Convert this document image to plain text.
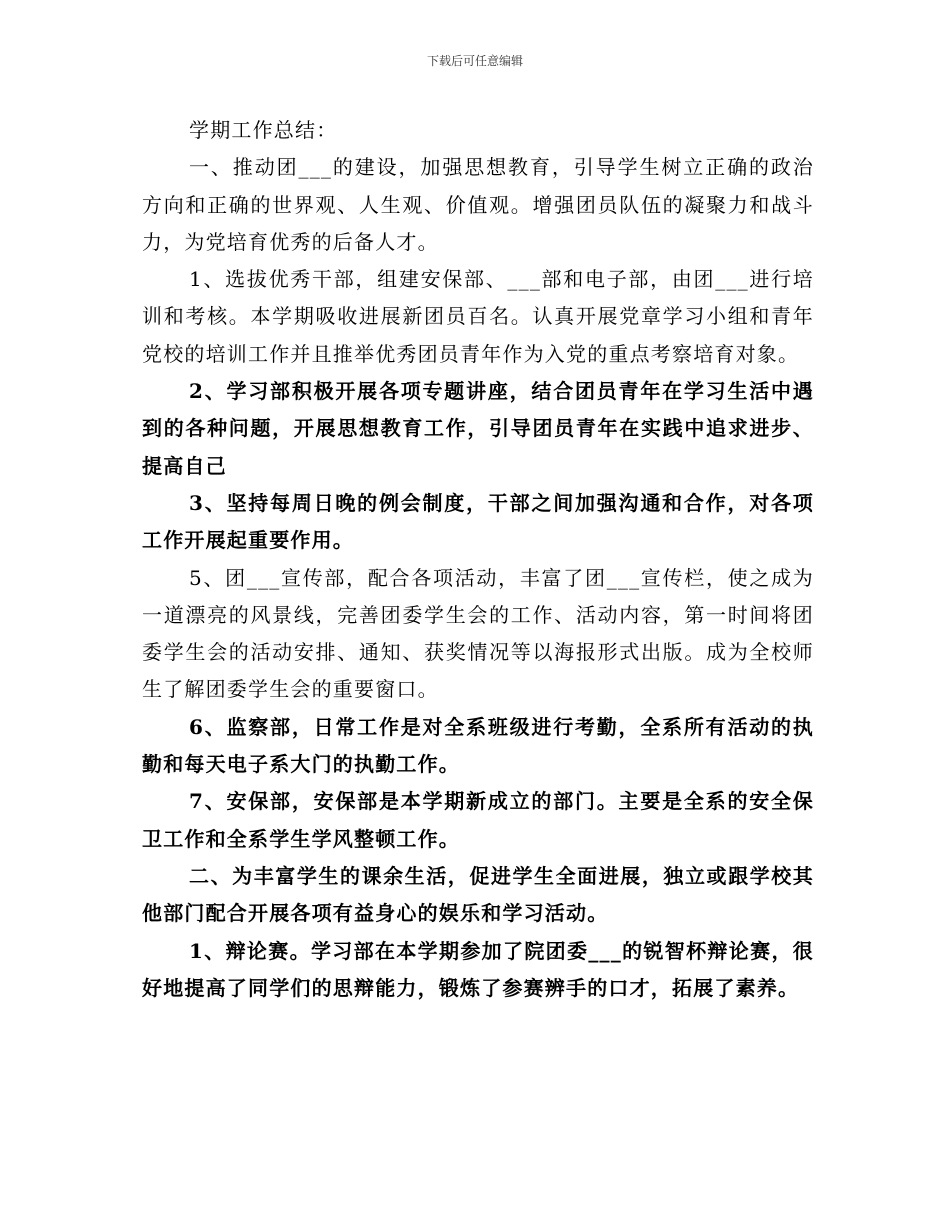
下载后可任意编辑

学期工作总结：

一、推动团___的建设，加强思想教育，引导学生树立正确的政治方向和正确的世界观、人生观、价值观。增强团员队伍的凝聚力和战斗力，为党培育优秀的后备人才。

1、选拔优秀干部，组建安保部、___部和电子部，由团___进行培训和考核。本学期吸收进展新团员百名。认真开展党章学习小组和青年党校的培训工作并且推举优秀团员青年作为入党的重点考察培育对象。

2、学习部积极开展各项专题讲座，结合团员青年在学习生活中遇到的各种问题，开展思想教育工作，引导团员青年在实践中追求进步、提高自己

3、坚持每周日晚的例会制度，干部之间加强沟通和合作，对各项工作开展起重要作用。

5、团___宣传部，配合各项活动，丰富了团___宣传栏，使之成为一道漂亮的风景线，完善团委学生会的工作、活动内容，第一时间将团委学生会的活动安排、通知、获奖情况等以海报形式出版。成为全校师生了解团委学生会的重要窗口。

6、监察部，日常工作是对全系班级进行考勤，全系所有活动的执勤和每天电子系大门的执勤工作。

7、安保部，安保部是本学期新成立的部门。主要是全系的安全保卫工作和全系学生学风整顿工作。

二、为丰富学生的课余生活，促进学生全面进展，独立或跟学校其他部门配合开展各项有益身心的娱乐和学习活动。

1、辩论赛。学习部在本学期参加了院团委___的锐智杯辩论赛，很好地提高了同学们的思辩能力，锻炼了参赛辨手的口才，拓展了素养。
